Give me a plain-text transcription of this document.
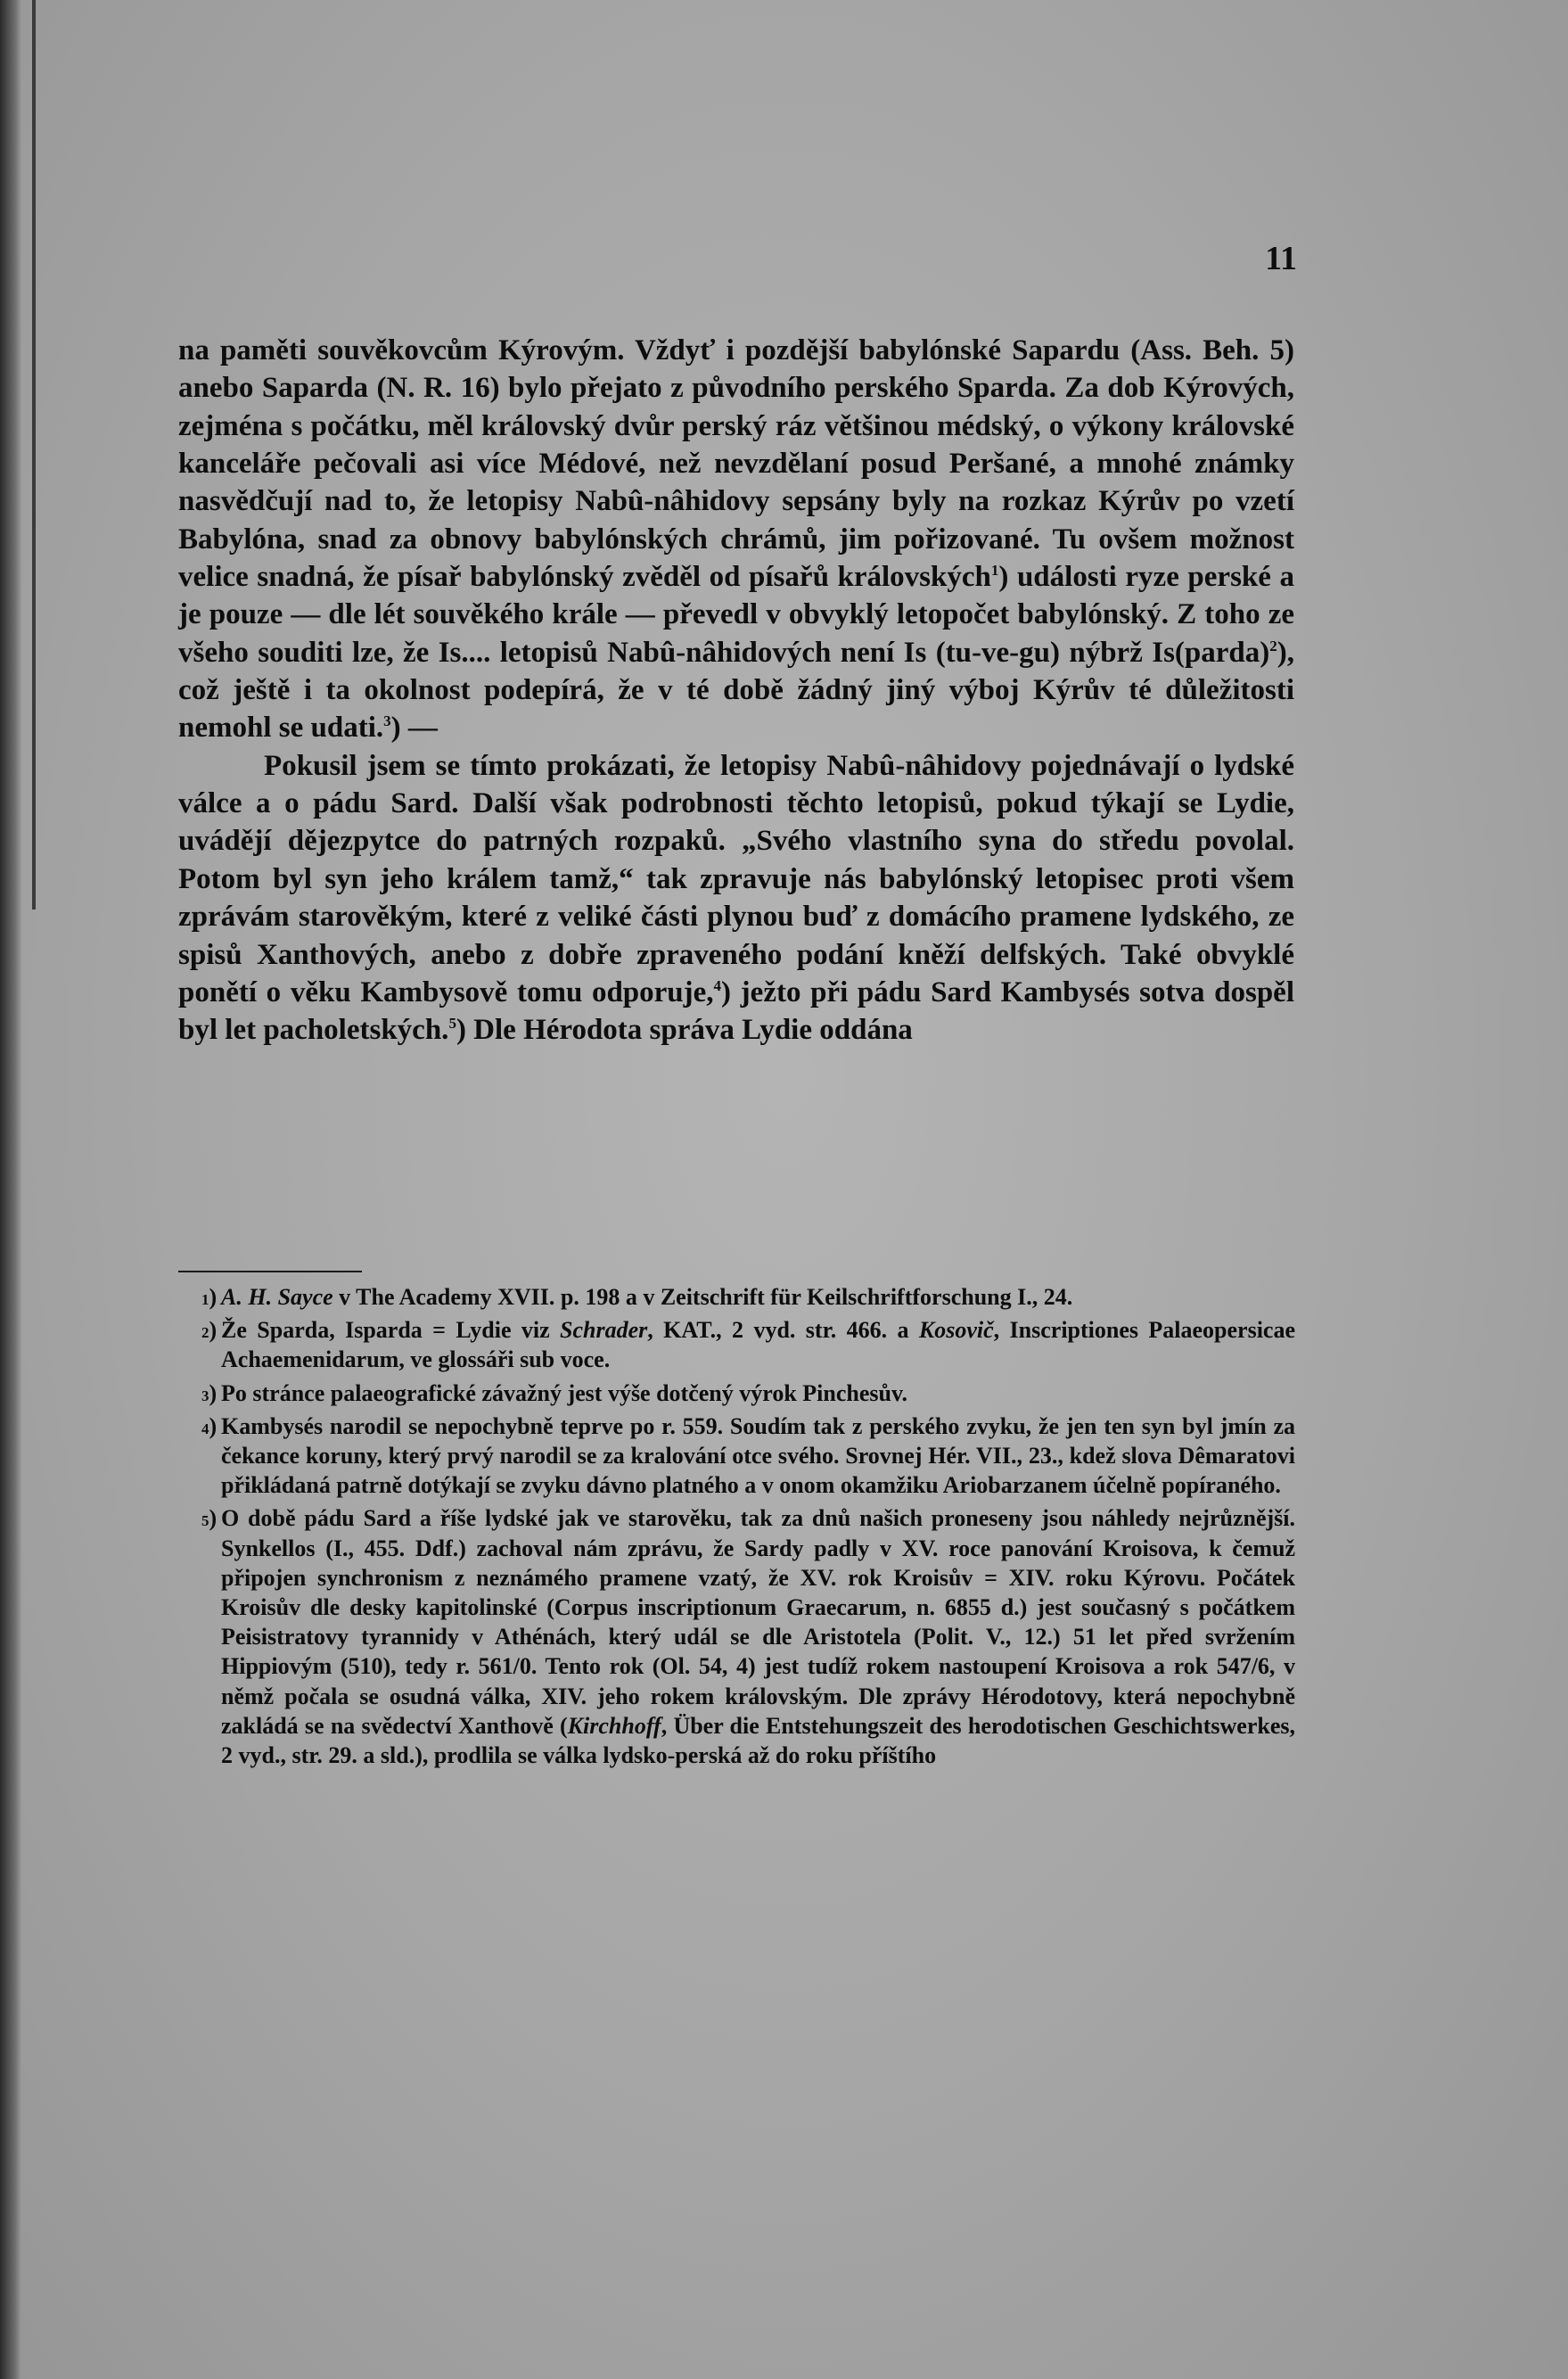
11

na paměti souvěkovcům Kýrovým. Vždyť i pozdější babylónské Sapardu (Ass. Beh. 5) anebo Saparda (N. R. 16) bylo přejato z původního perského Sparda. Za dob Kýrových, zejména s počátku, měl královský dvůr perský ráz většinou médský, o výkony královské kanceláře pečovali asi více Médové, než nevzdělaní posud Peršané, a mnohé známky nasvědčují nad to, že letopisy Nabû-nâhidovy sepsány byly na rozkaz Kýrův po vzetí Babylóna, snad za obnovy babylónských chrámů, jim pořizované. Tu ovšem možnost velice snadná, že písař babylónský zvěděl od písařů královských$^1$) události ryze perské a je pouze — dle lét souvěkého krále — převedl v obvyklý letopočet babylónský. Z toho ze všeho souditi lze, že Is.... letopisů Nabû-nâhidových není Is (tu-ve-gu) nýbrž Is(parda)$^2$), což ještě i ta okolnost podepírá, že v té době žádný jiný výboj Kýrův té důležitosti nemohl se udati.$^3$) —

Pokusil jsem se tímto prokázati, že letopisy Nabû-nâhidovy pojednávají o lydské válce a o pádu Sard. Další však podrobnosti těchto letopisů, pokud týkají se Lydie, uvádějí dějezpytce do patrných rozpaků. „Svého vlastního syna do středu povolal. Potom byl syn jeho králem tamž,“ tak zpravuje nás babylónský letopisec proti všem zprávám starověkým, které z veliké části plynou buď z domácího pramene lydského, ze spisů Xanthových, anebo z dobře zpraveného podání kněží delfských. Také obvyklé ponětí o věku Kambysově tomu odporuje,$^4$) ježto při pádu Sard Kambysés sotva dospěl byl let pacholetských.$^5$) Dle Hérodota správa Lydie oddána

1) A. H. Sayce v The Academy XVII. p. 198 a v Zeitschrift für Keilschriftforschung I., 24.

2) Že Sparda, Isparda = Lydie viz Schrader, KAT., 2 vyd. str. 466. a Kosovič, Inscriptiones Palaeopersicae Achaemenidarum, ve glossáři sub voce.

3) Po stránce palaeografické závažný jest výše dotčený výrok Pinchesův.

4) Kambysés narodil se nepochybně teprve po r. 559. Soudím tak z perského zvyku, že jen ten syn byl jmín za čekance koruny, který prvý narodil se za kralování otce svého. Srovnej Hér. VII., 23., kdež slova Dêmaratovi přikládaná patrně dotýkají se zvyku dávno platného a v onom okamžiku Ariobarzanem účelně popíraného.

5) O době pádu Sard a říše lydské jak ve starověku, tak za dnů našich proneseny jsou náhledy nejrůznější. Synkellos (I., 455. Ddf.) zachoval nám zprávu, že Sardy padly v XV. roce panování Kroisova, k čemuž připojen synchronism z neznámého pramene vzatý, že XV. rok Kroisův = XIV. roku Kýrovu. Počátek Kroisův dle desky kapitolinské (Corpus inscriptionum Graecarum, n. 6855 d.) jest současný s počátkem Peisistratovy tyrannidy v Athénách, který udál se dle Aristotela (Polit. V., 12.) 51 let před svržením Hippiovým (510), tedy r. 561/0. Tento rok (Ol. 54, 4) jest tudíž rokem nastoupení Kroisova a rok 547/6, v němž počala se osudná válka, XIV. jeho rokem královským. Dle zprávy Hérodotovy, která nepochybně zakládá se na svědectví Xanthově (Kirchhoff, Über die Entstehungszeit des herodotischen Geschichtswerkes, 2 vyd., str. 29. a sld.), prodlila se válka lydsko-perská až do roku příštího
